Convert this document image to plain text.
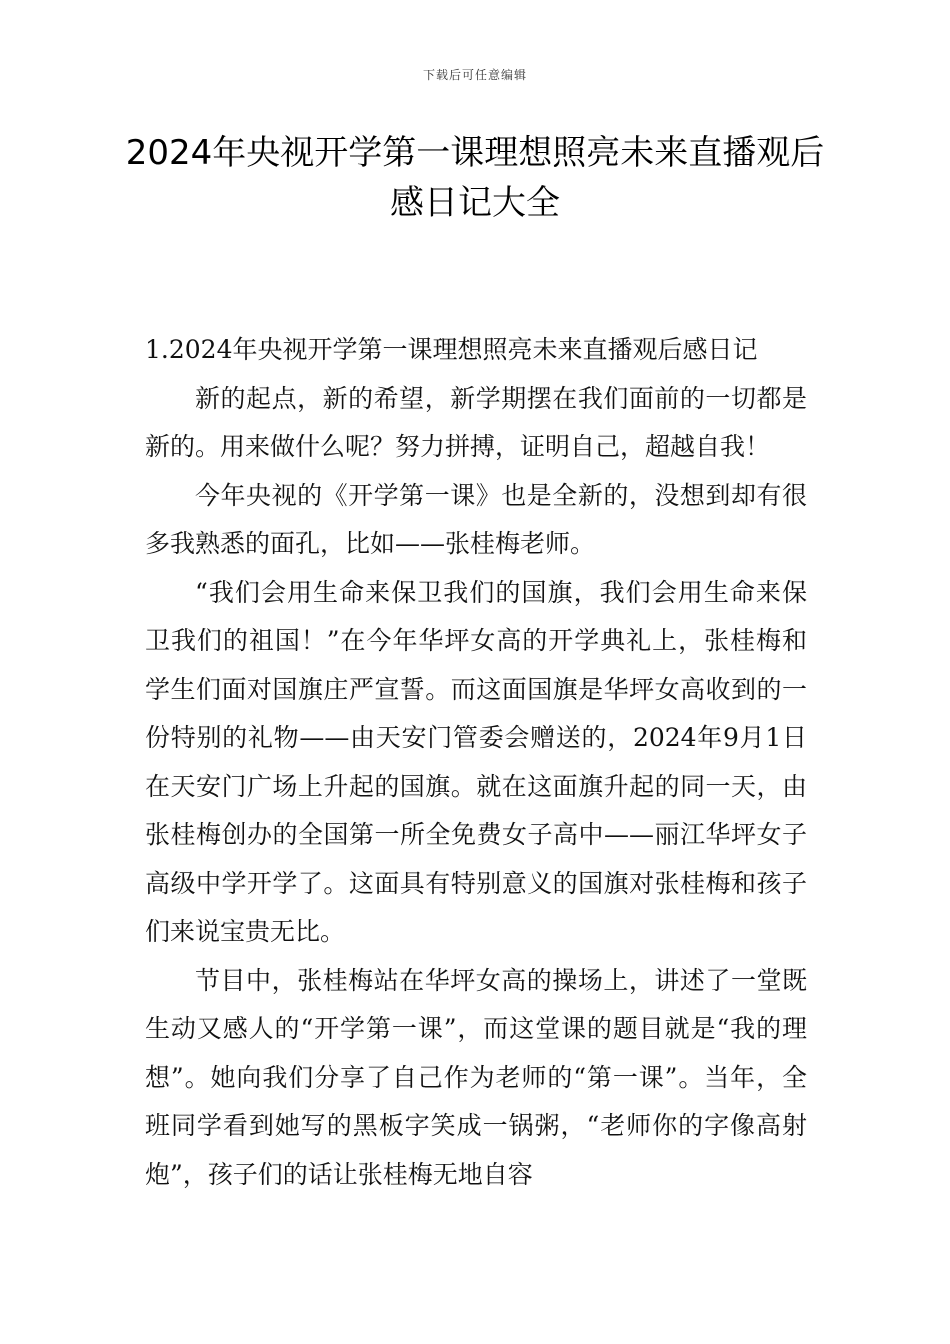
下载后可任意编辑
2024年央视开学第一课理想照亮未来直播观后感日记大全

1.2024年央视开学第一课理想照亮未来直播观后感日记

新的起点，新的希望，新学期摆在我们面前的一切都是新的。用来做什么呢？努力拼搏，证明自己，超越自我！

今年央视的《开学第一课》也是全新的，没想到却有很多我熟悉的面孔，比如——张桂梅老师。

“我们会用生命来保卫我们的国旗，我们会用生命来保卫我们的祖国！”在今年华坪女高的开学典礼上，张桂梅和学生们面对国旗庄严宣誓。而这面国旗是华坪女高收到的一份特别的礼物——由天安门管委会赠送的，2024年9月1日在天安门广场上升起的国旗。就在这面旗升起的同一天，由张桂梅创办的全国第一所全免费女子高中——丽江华坪女子高级中学开学了。这面具有特别意义的国旗对张桂梅和孩子们来说宝贵无比。

节目中，张桂梅站在华坪女高的操场上，讲述了一堂既生动又感人的“开学第一课”，而这堂课的题目就是“我的理想”。她向我们分享了自己作为老师的“第一课”。当年，全班同学看到她写的黑板字笑成一锅粥，“老师你的字像高射炮”，孩子们的话让张桂梅无地自容
